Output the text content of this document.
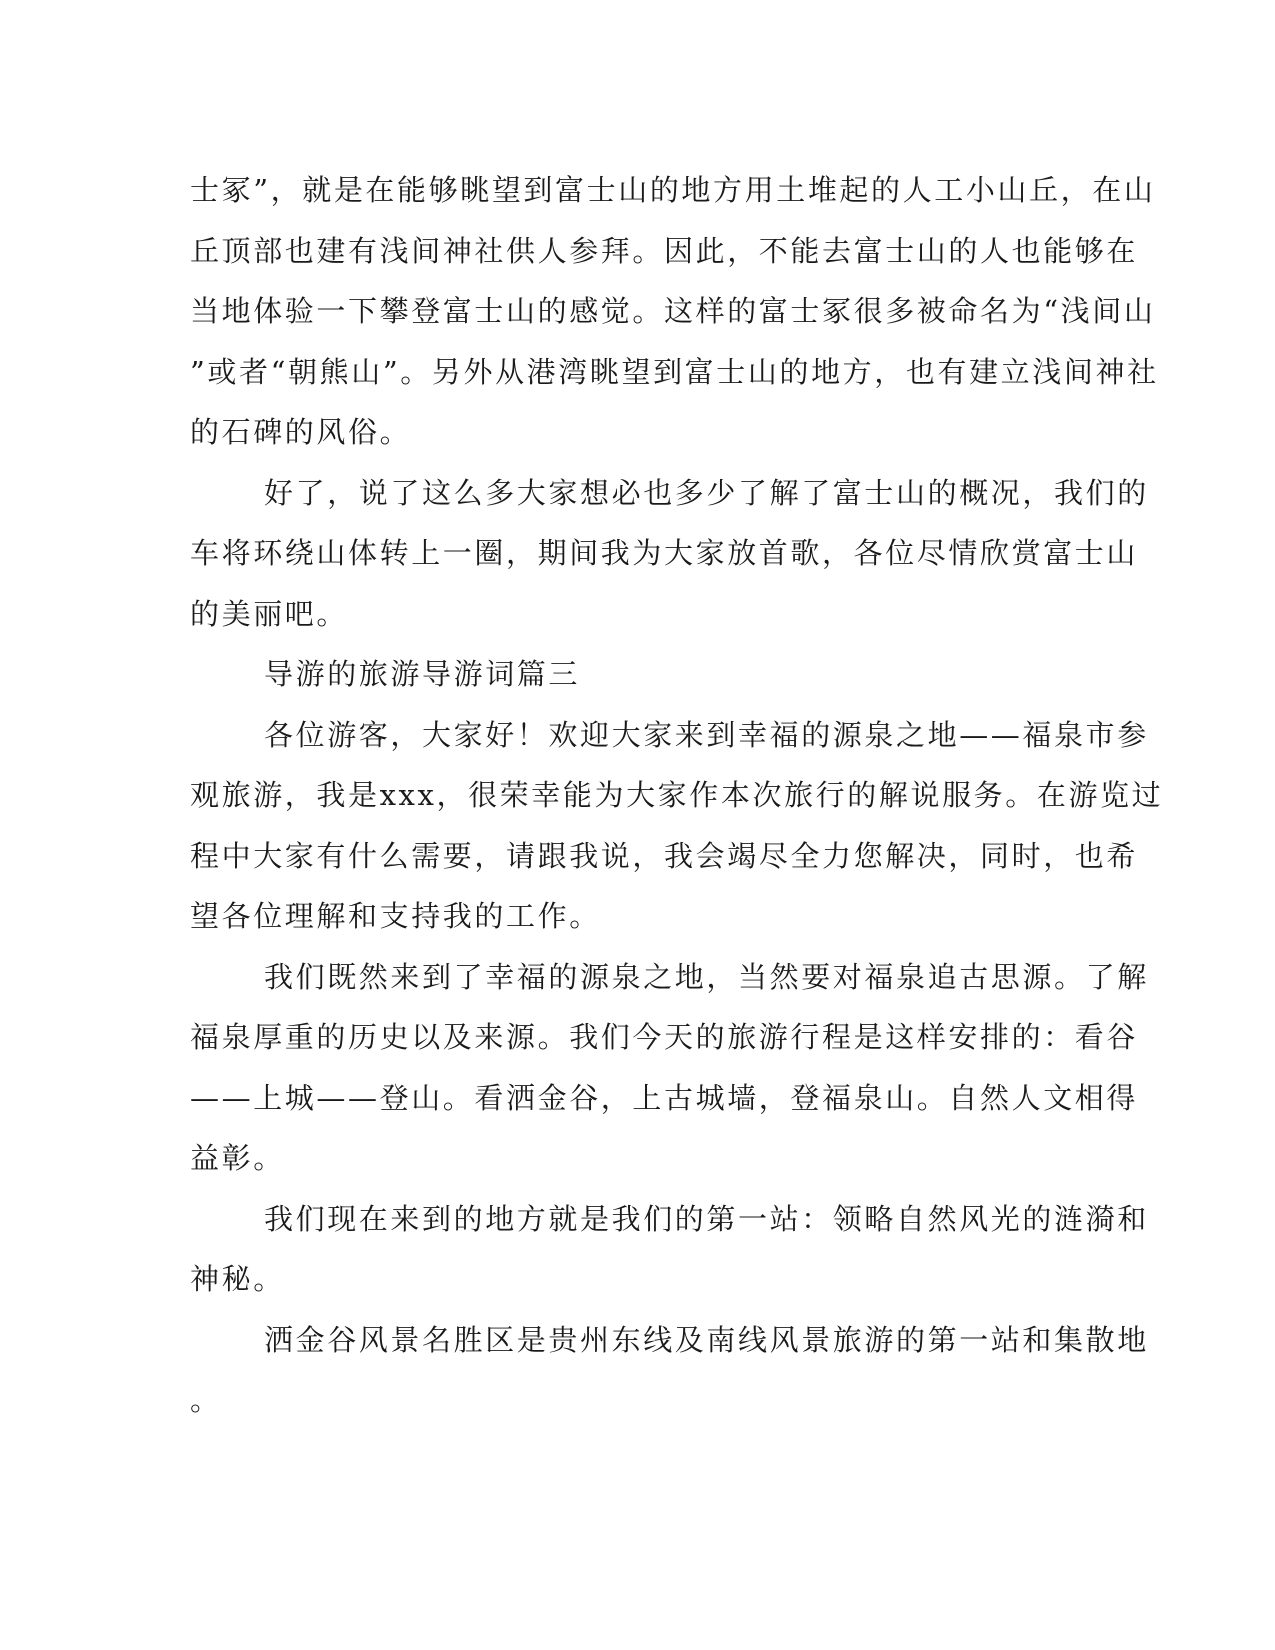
士冢”，就是在能够眺望到富士山的地方用土堆起的人工小山丘，在山
丘顶部也建有浅间神社供人参拜。因此，不能去富士山的人也能够在
当地体验一下攀登富士山的感觉。这样的富士冢很多被命名为“浅间山
”或者“朝熊山”。另外从港湾眺望到富士山的地方，也有建立浅间神社
的石碑的风俗。
好了，说了这么多大家想必也多少了解了富士山的概况，我们的
车将环绕山体转上一圈，期间我为大家放首歌，各位尽情欣赏富士山
的美丽吧。
导游的旅游导游词篇三
各位游客，大家好！欢迎大家来到幸福的源泉之地——福泉市参
观旅游，我是xxx，很荣幸能为大家作本次旅行的解说服务。在游览过
程中大家有什么需要，请跟我说，我会竭尽全力您解决，同时，也希
望各位理解和支持我的工作。
我们既然来到了幸福的源泉之地，当然要对福泉追古思源。了解
福泉厚重的历史以及来源。我们今天的旅游行程是这样安排的：看谷
——上城——登山。看洒金谷，上古城墙，登福泉山。自然人文相得
益彰。
我们现在来到的地方就是我们的第一站：领略自然风光的涟漪和
神秘。
洒金谷风景名胜区是贵州东线及南线风景旅游的第一站和集散地
。
